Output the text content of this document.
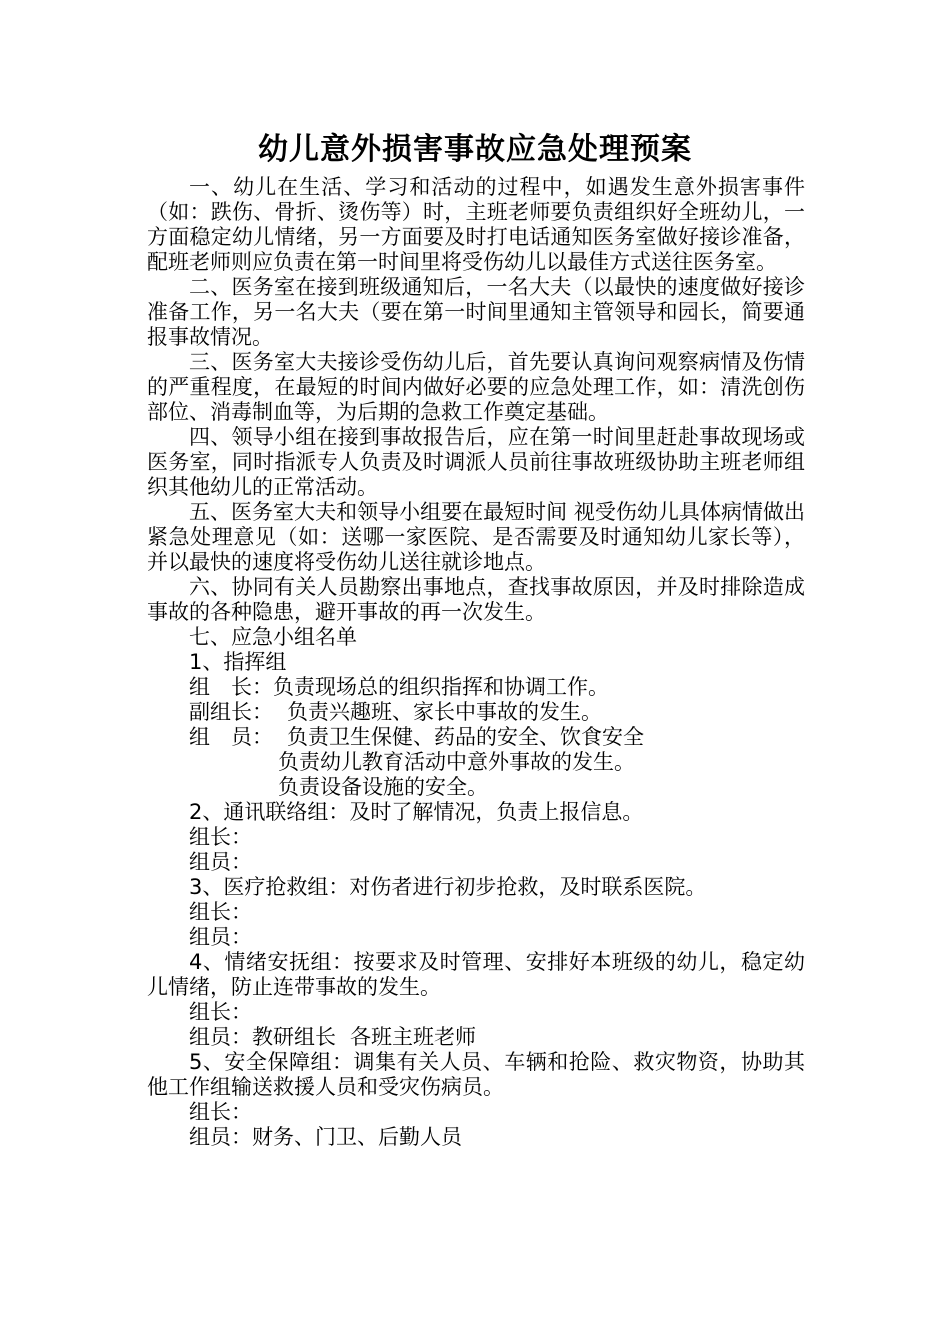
幼儿意外损害事故应急处理预案

一、幼儿在生活、学习和活动的过程中，如遇发生意外损害事件（如：跌伤、骨折、烫伤等）时，主班老师要负责组织好全班幼儿，一方面稳定幼儿情绪，另一方面要及时打电话通知医务室做好接诊准备，配班老师则应负责在第一时间里将受伤幼儿以最佳方式送往医务室。

二、医务室在接到班级通知后，一名大夫（以最快的速度做好接诊准备工作，另一名大夫（要在第一时间里通知主管领导和园长，简要通报事故情况。

三、医务室大夫接诊受伤幼儿后，首先要认真询问观察病情及伤情的严重程度，在最短的时间内做好必要的应急处理工作，如：清洗创伤部位、消毒制血等，为后期的急救工作奠定基础。

四、领导小组在接到事故报告后，应在第一时间里赶赴事故现场或医务室，同时指派专人负责及时调派人员前往事故班级协助主班老师组织其他幼儿的正常活动。

五、医务室大夫和领导小组要在最短时间 视受伤幼儿具体病情做出紧急处理意见（如：送哪一家医院、是否需要及时通知幼儿家长等），并以最快的速度将受伤幼儿送往就诊地点。

六、协同有关人员勘察出事地点，查找事故原因，并及时排除造成事故的各种隐患，避开事故的再一次发生。

七、应急小组名单

1、指挥组

组 长：负责现场总的组织指挥和协调工作。

副组长： 负责兴趣班、家长中事故的发生。

组 员： 负责卫生保健、药品的安全、饮食安全

负责幼儿教育活动中意外事故的发生。

负责设备设施的安全。

2、通讯联络组：及时了解情况，负责上报信息。

组长：

组员：

3、医疗抢救组：对伤者进行初步抢救，及时联系医院。

组长：

组员：

4、情绪安抚组：按要求及时管理、安排好本班级的幼儿，稳定幼儿情绪，防止连带事故的发生。

组长：

组员：教研组长 各班主班老师

5、安全保障组：调集有关人员、车辆和抢险、救灾物资，协助其他工作组输送救援人员和受灾伤病员。

组长：

组员：财务、门卫、后勤人员
